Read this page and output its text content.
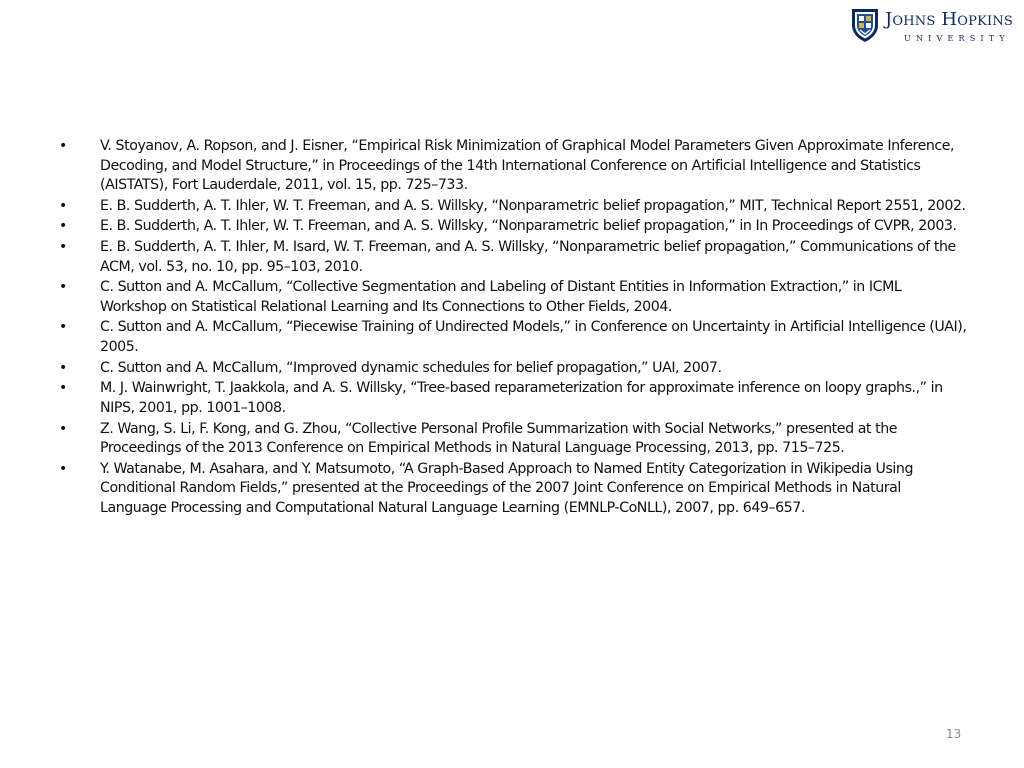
Johns Hopkins
UNIVERSITY
• V. Stoyanov, A. Ropson, and J. Eisner, “Empirical Risk Minimization of Graphical Model Parameters Given Approximate Inference, Decoding, and Model Structure,” in Proceedings of the 14th International Conference on Artificial Intelligence and Statistics (AISTATS), Fort Lauderdale, 2011, vol. 15, pp. 725–733.
• E. B. Sudderth, A. T. Ihler, W. T. Freeman, and A. S. Willsky, “Nonparametric belief propagation,” MIT, Technical Report 2551, 2002.
• E. B. Sudderth, A. T. Ihler, W. T. Freeman, and A. S. Willsky, “Nonparametric belief propagation,” in In Proceedings of CVPR, 2003.
• E. B. Sudderth, A. T. Ihler, M. Isard, W. T. Freeman, and A. S. Willsky, “Nonparametric belief propagation,” Communications of the ACM, vol. 53, no. 10, pp. 95–103, 2010.
• C. Sutton and A. McCallum, “Collective Segmentation and Labeling of Distant Entities in Information Extraction,” in ICML Workshop on Statistical Relational Learning and Its Connections to Other Fields, 2004.
• C. Sutton and A. McCallum, “Piecewise Training of Undirected Models,” in Conference on Uncertainty in Artificial Intelligence (UAI), 2005.
• C. Sutton and A. McCallum, “Improved dynamic schedules for belief propagation,” UAI, 2007.
• M. J. Wainwright, T. Jaakkola, and A. S. Willsky, “Tree-based reparameterization for approximate inference on loopy graphs.,” in NIPS, 2001, pp. 1001–1008.
• Z. Wang, S. Li, F. Kong, and G. Zhou, “Collective Personal Profile Summarization with Social Networks,” presented at the Proceedings of the 2013 Conference on Empirical Methods in Natural Language Processing, 2013, pp. 715–725.
• Y. Watanabe, M. Asahara, and Y. Matsumoto, “A Graph-Based Approach to Named Entity Categorization in Wikipedia Using Conditional Random Fields,” presented at the Proceedings of the 2007 Joint Conference on Empirical Methods in Natural Language Processing and Computational Natural Language Learning (EMNLP-CoNLL), 2007, pp. 649–657.
13
